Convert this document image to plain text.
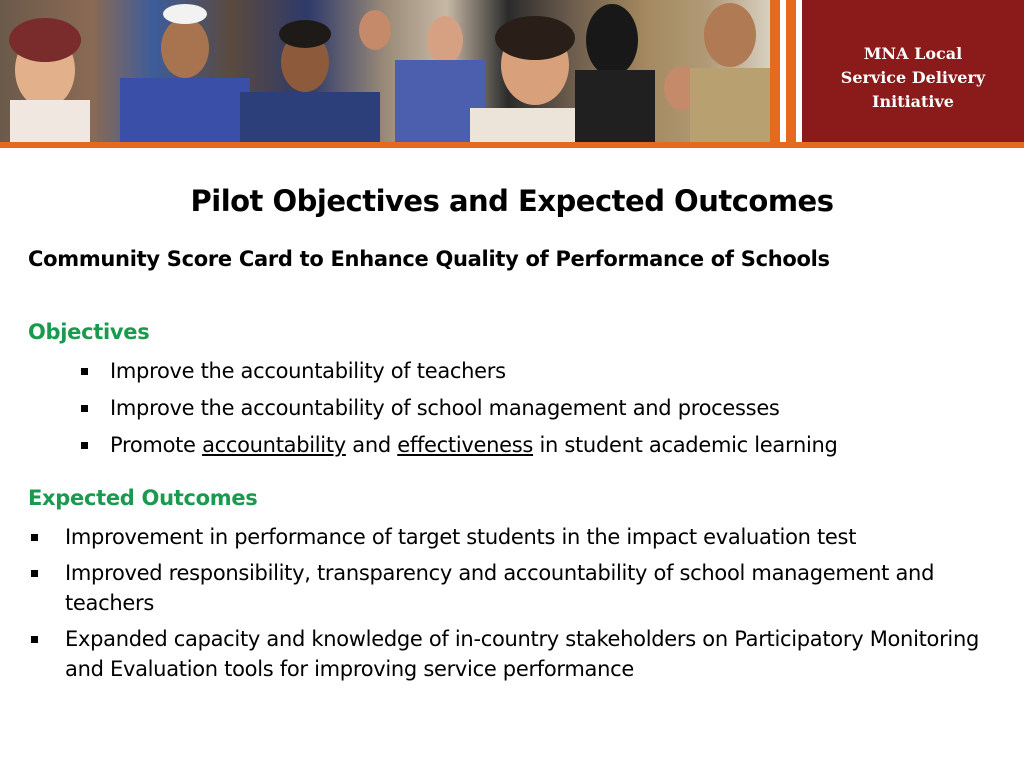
MNA Local
Service Delivery
Initiative
Pilot Objectives and Expected Outcomes
Community Score Card to Enhance Quality of Performance of Schools
Objectives
Improve the accountability of teachers
Improve the accountability of school management and processes
Promote accountability and effectiveness in student academic learning
Expected Outcomes
Improvement in performance of target students in the impact evaluation test
Improved responsibility, transparency and accountability of school management and teachers
Expanded capacity and knowledge of in-country stakeholders on Participatory Monitoring and Evaluation tools for improving service performance
